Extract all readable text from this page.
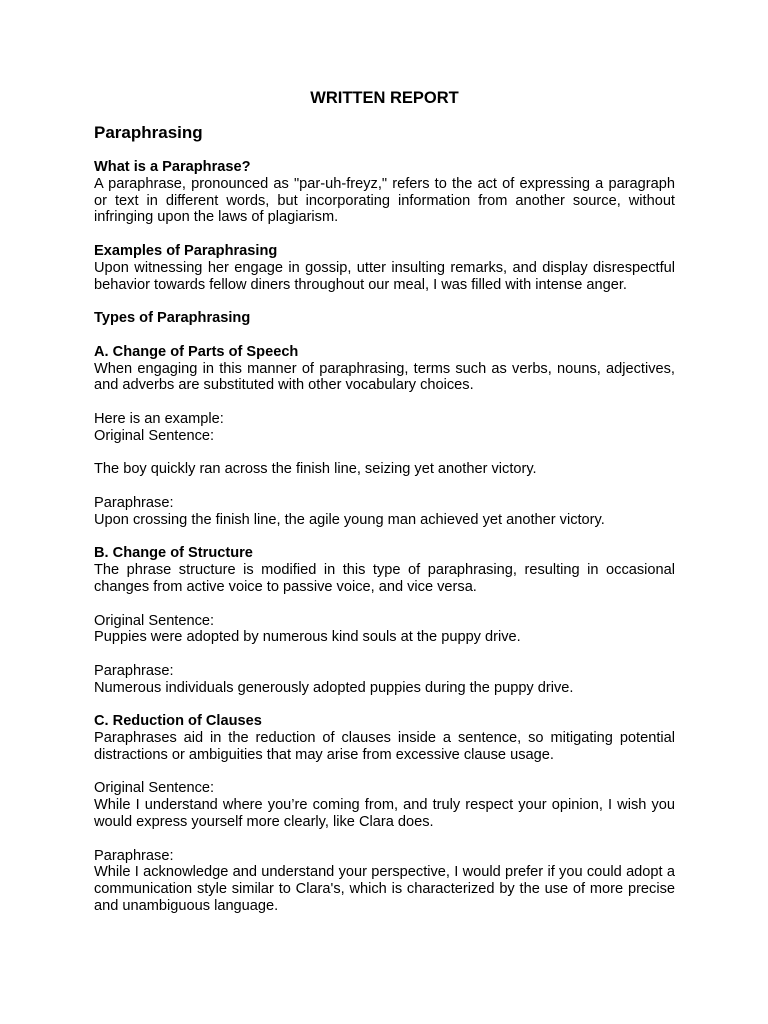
WRITTEN REPORT
Paraphrasing
What is a Paraphrase?
A paraphrase, pronounced as "par-uh-freyz," refers to the act of expressing a paragraph or text in different words, but incorporating information from another source, without infringing upon the laws of plagiarism.
Examples of Paraphrasing
Upon witnessing her engage in gossip, utter insulting remarks, and display disrespectful behavior towards fellow diners throughout our meal, I was filled with intense anger.
Types of Paraphrasing
A. Change of Parts of Speech
When engaging in this manner of paraphrasing, terms such as verbs, nouns, adjectives, and adverbs are substituted with other vocabulary choices.
Here is an example:
Original Sentence:
The boy quickly ran across the finish line, seizing yet another victory.
Paraphrase:
Upon crossing the finish line, the agile young man achieved yet another victory.
B. Change of Structure
The phrase structure is modified in this type of paraphrasing, resulting in occasional changes from active voice to passive voice, and vice versa.
Original Sentence:
Puppies were adopted by numerous kind souls at the puppy drive.
Paraphrase:
Numerous individuals generously adopted puppies during the puppy drive.
C. Reduction of Clauses
Paraphrases aid in the reduction of clauses inside a sentence, so mitigating potential distractions or ambiguities that may arise from excessive clause usage.
Original Sentence:
While I understand where you’re coming from, and truly respect your opinion, I wish you would express yourself more clearly, like Clara does.
Paraphrase:
While I acknowledge and understand your perspective, I would prefer if you could adopt a communication style similar to Clara's, which is characterized by the use of more precise and unambiguous language.
